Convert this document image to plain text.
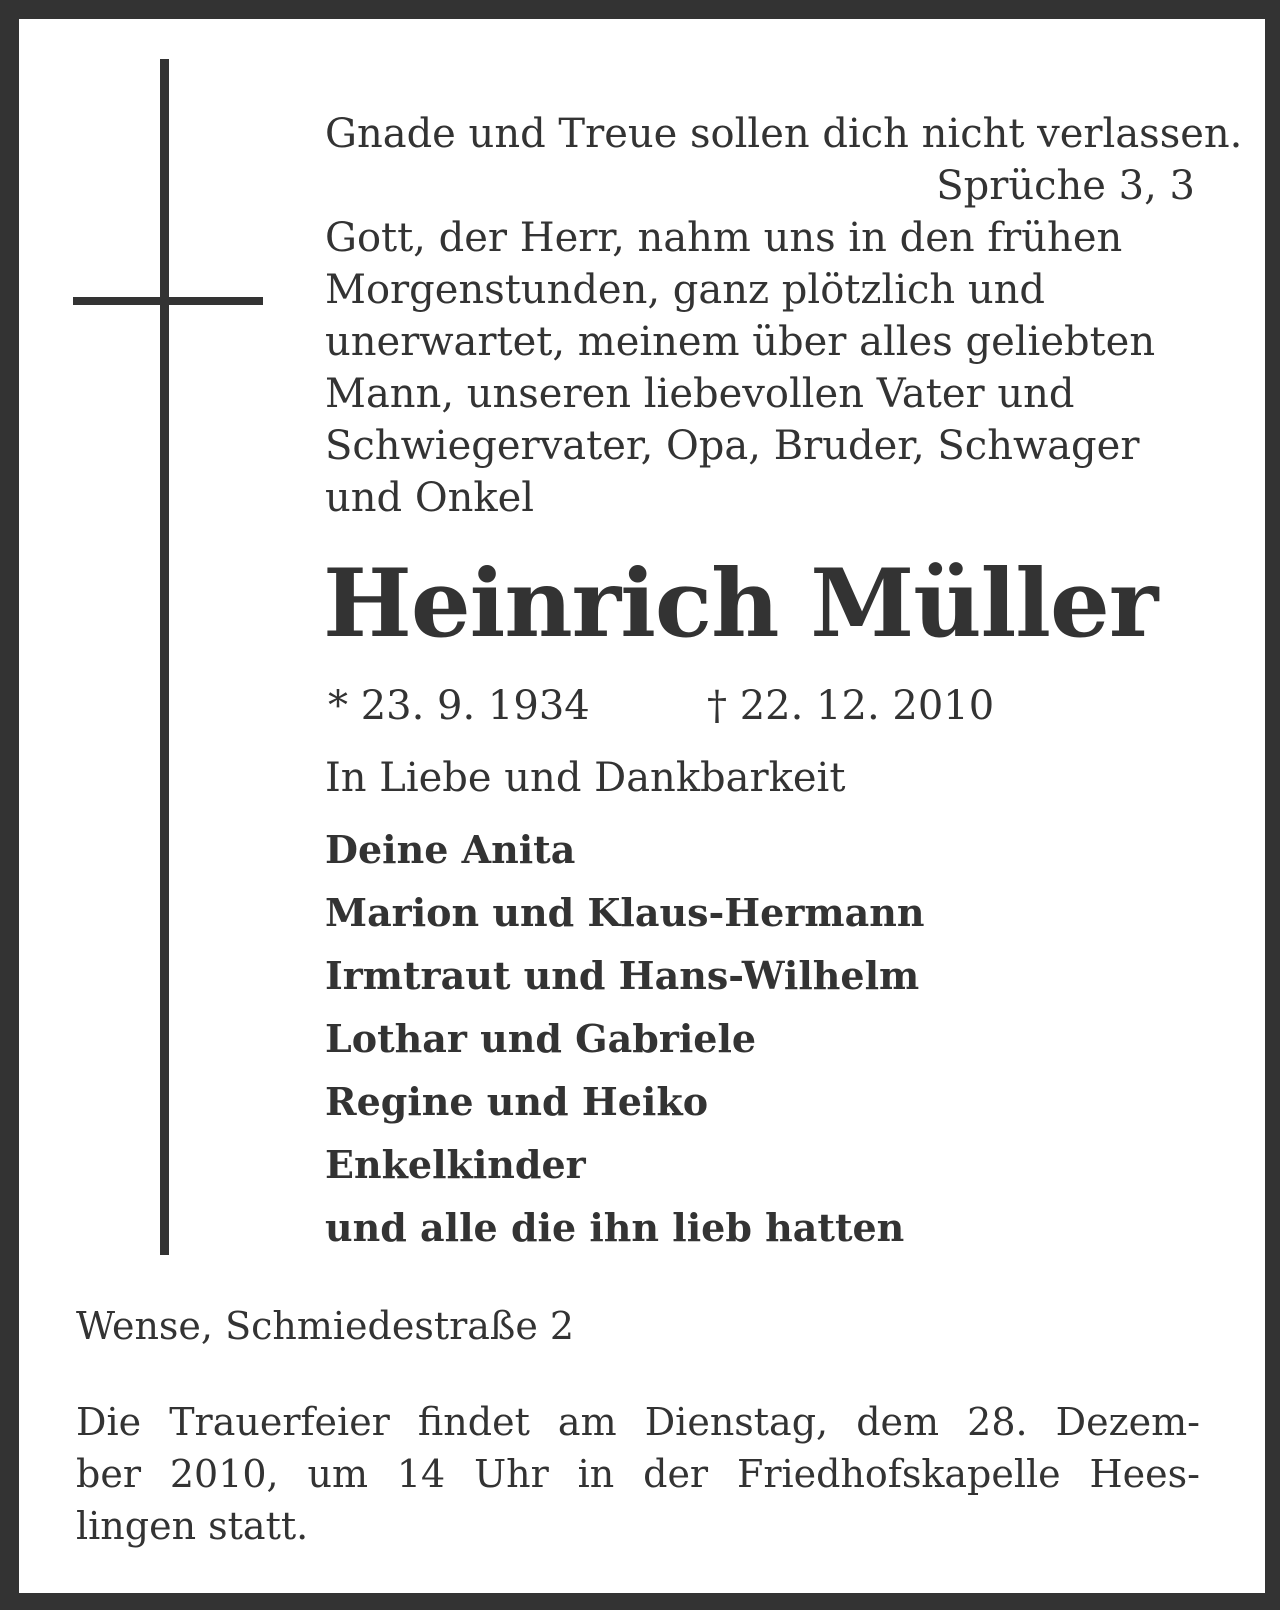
Gnade und Treue sollen dich nicht verlassen.

Sprüche 3, 3

Gott, der Herr, nahm uns in den frühen
Morgenstunden, ganz plötzlich und
unerwartet, meinem über alles geliebten
Mann, unseren liebevollen Vater und
Schwiegervater, Opa, Bruder, Schwager
und Onkel

Heinrich Müller

* 23. 9. 1934	† 22. 12. 2010

In Liebe und Dankbarkeit

Deine Anita

Marion und Klaus-Hermann

Irmtraut und Hans-Wilhelm

Lothar und Gabriele

Regine und Heiko

Enkelkinder

und alle die ihn lieb hatten

Wense, Schmiedestraße 2

Die Trauerfeier findet am Dienstag, dem 28. Dezem-
ber 2010, um 14 Uhr in der Friedhofskapelle Hees-
lingen statt.
